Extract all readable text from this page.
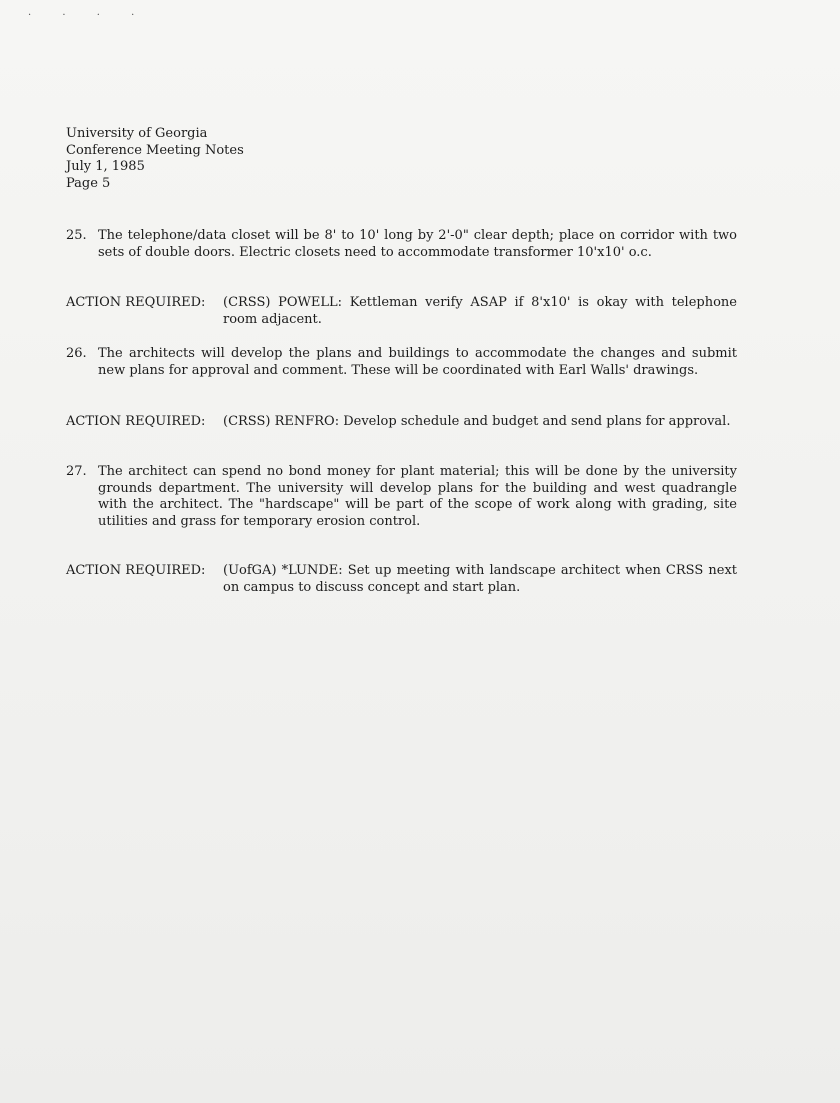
· · · ·
University of Georgia
Conference Meeting Notes
July 1, 1985
Page 5
25. The telephone/data closet will be 8' to 10' long by 2'-0" clear depth; place on corridor with two sets of double doors. Electric closets need to accommodate transformer 10'x10' o.c.
ACTION REQUIRED: (CRSS) POWELL: Kettleman verify ASAP if 8'x10' is okay with telephone room adjacent.
26. The architects will develop the plans and buildings to accommodate the changes and submit new plans for approval and comment. These will be coordinated with Earl Walls' drawings.
ACTION REQUIRED: (CRSS) RENFRO: Develop schedule and budget and send plans for approval.
27. The architect can spend no bond money for plant material; this will be done by the university grounds department. The university will develop plans for the building and west quadrangle with the architect. The "hardscape" will be part of the scope of work along with grading, site utilities and grass for temporary erosion control.
ACTION REQUIRED: (UofGA) *LUNDE: Set up meeting with landscape architect when CRSS next on campus to discuss concept and start plan.
